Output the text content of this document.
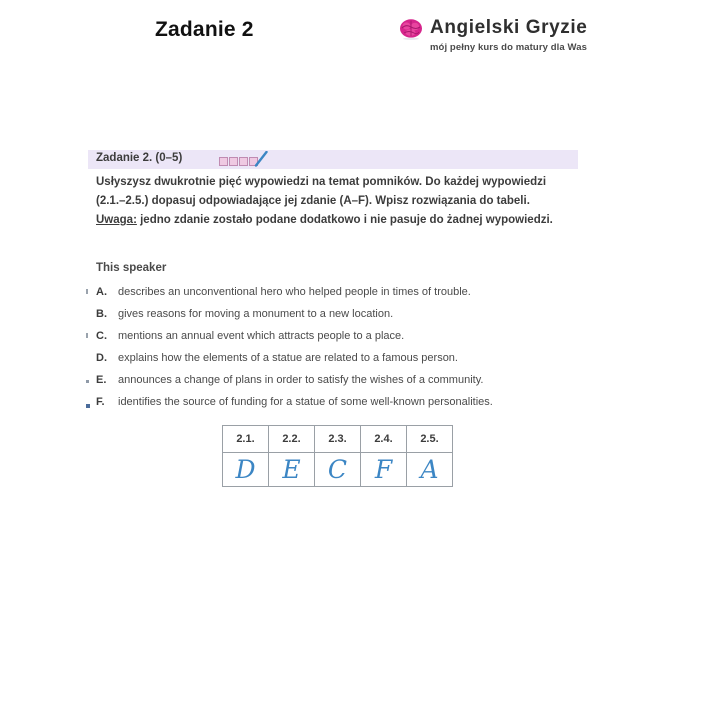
Zadanie 2	Angielski Gryzie
mój pełny kurs do matury dla Was
Zadanie 2. (0–5)
Usłyszysz dwukrotnie pięć wypowiedzi na temat pomników. Do każdej wypowiedzi
(2.1.–2.5.) dopasuj odpowiadające jej zdanie (A–F). Wpisz rozwiązania do tabeli.
Uwaga: jedno zdanie zostało podane dodatkowo i nie pasuje do żadnej wypowiedzi.
This speaker
A. describes an unconventional hero who helped people in times of trouble.
B. gives reasons for moving a monument to a new location.
C. mentions an annual event which attracts people to a place.
D. explains how the elements of a statue are related to a famous person.
E. announces a change of plans in order to satisfy the wishes of a community.
F. identifies the source of funding for a statue of some well-known personalities.
2.1.	2.2.	2.3.	2.4.	2.5.

D	E	C	F	A
